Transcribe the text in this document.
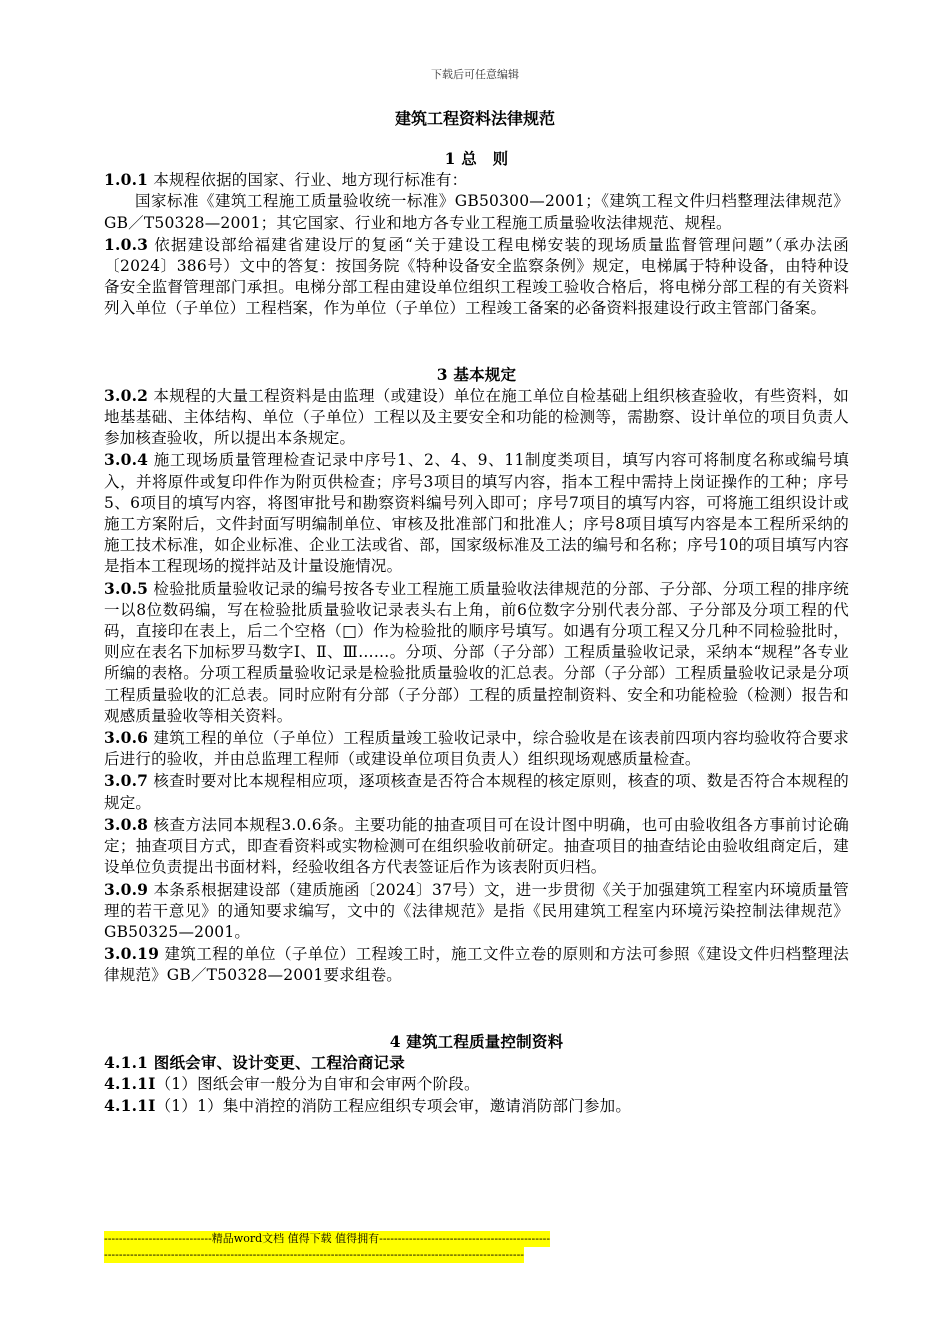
下载后可任意编辑
建筑工程资料法律规范
1 总　则

1.0.1 本规程依据的国家、行业、地方现行标准有：

国家标准《建筑工程施工质量验收统一标准》GB50300—2001；《建筑工程文件归档整理法律规范》GB／T50328—2001；其它国家、行业和地方各专业工程施工质量验收法律规范、规程。

1.0.3 依据建设部给福建省建设厅的复函“关于建设工程电梯安装的现场质量监督管理问题”（承办法函〔2024〕386号）文中的答复：按国务院《特种设备安全监察条例》规定，电梯属于特种设备，由特种设备安全监督管理部门承担。电梯分部工程由建设单位组织工程竣工验收合格后，将电梯分部工程的有关资料列入单位（子单位）工程档案，作为单位（子单位）工程竣工备案的必备资料报建设行政主管部门备案。

3 基本规定

3.0.2 本规程的大量工程资料是由监理（或建设）单位在施工单位自检基础上组织核查验收，有些资料，如地基基础、主体结构、单位（子单位）工程以及主要安全和功能的检测等，需勘察、设计单位的项目负责人参加核查验收，所以提出本条规定。

3.0.4 施工现场质量管理检查记录中序号1、2、4、9、11制度类项目，填写内容可将制度名称或编号填入，并将原件或复印件作为附页供检查；序号3项目的填写内容，指本工程中需持上岗证操作的工种；序号5、6项目的填写内容，将图审批号和勘察资料编号列入即可；序号7项目的填写内容，可将施工组织设计或施工方案附后，文件封面写明编制单位、审核及批准部门和批准人；序号8项目填写内容是本工程所采纳的施工技术标准，如企业标准、企业工法或省、部，国家级标准及工法的编号和名称；序号10的项目填写内容是指本工程现场的搅拌站及计量设施情况。

3.0.5 检验批质量验收记录的编号按各专业工程施工质量验收法律规范的分部、子分部、分项工程的排序统一以8位数码编，写在检验批质量验收记录表头右上角，前6位数字分别代表分部、子分部及分项工程的代码，直接印在表上，后二个空格（□）作为检验批的顺序号填写。如遇有分项工程又分几种不同检验批时，则应在表名下加标罗马数字Ⅰ、Ⅱ、Ⅲ……。分项、分部（子分部）工程质量验收记录，采纳本“规程”各专业所编的表格。分项工程质量验收记录是检验批质量验收的汇总表。分部（子分部）工程质量验收记录是分项工程质量验收的汇总表。同时应附有分部（子分部）工程的质量控制资料、安全和功能检验（检测）报告和观感质量验收等相关资料。

3.0.6 建筑工程的单位（子单位）工程质量竣工验收记录中，综合验收是在该表前四项内容均验收符合要求后进行的验收，并由总监理工程师（或建设单位项目负责人）组织现场观感质量检查。

3.0.7 核查时要对比本规程相应项，逐项核查是否符合本规程的核定原则，核查的项、数是否符合本规程的规定。

3.0.8 核查方法同本规程3.0.6条。主要功能的抽查项目可在设计图中明确，也可由验收组各方事前讨论确定；抽查项目方式，即查看资料或实物检测可在组织验收前研定。抽查项目的抽查结论由验收组商定后，建设单位负责提出书面材料，经验收组各方代表签证后作为该表附页归档。

3.0.9 本条系根据建设部（建质施函〔2024〕37号）文，进一步贯彻《关于加强建筑工程室内环境质量管理的若干意见》的通知要求编写，文中的《法律规范》是指《民用建筑工程室内环境污染控制法律规范》GB50325—2001。

3.0.19 建筑工程的单位（子单位）工程竣工时，施工文件立卷的原则和方法可参照《建设文件归档整理法律规范》GB／T50328—2001要求组卷。

4 建筑工程质量控制资料

4.1.1 图纸会审、设计变更、工程洽商记录

4.1.1Ⅰ（1）图纸会审一般分为自审和会审两个阶段。

4.1.1Ⅰ（1）1）集中消控的消防工程应组织专项会审，邀请消防部门参加。

-----------------------------精品word文档 值得下载 值得拥有----------------------------------------------
-----------------------------------------------------------------------------------------------------------------
